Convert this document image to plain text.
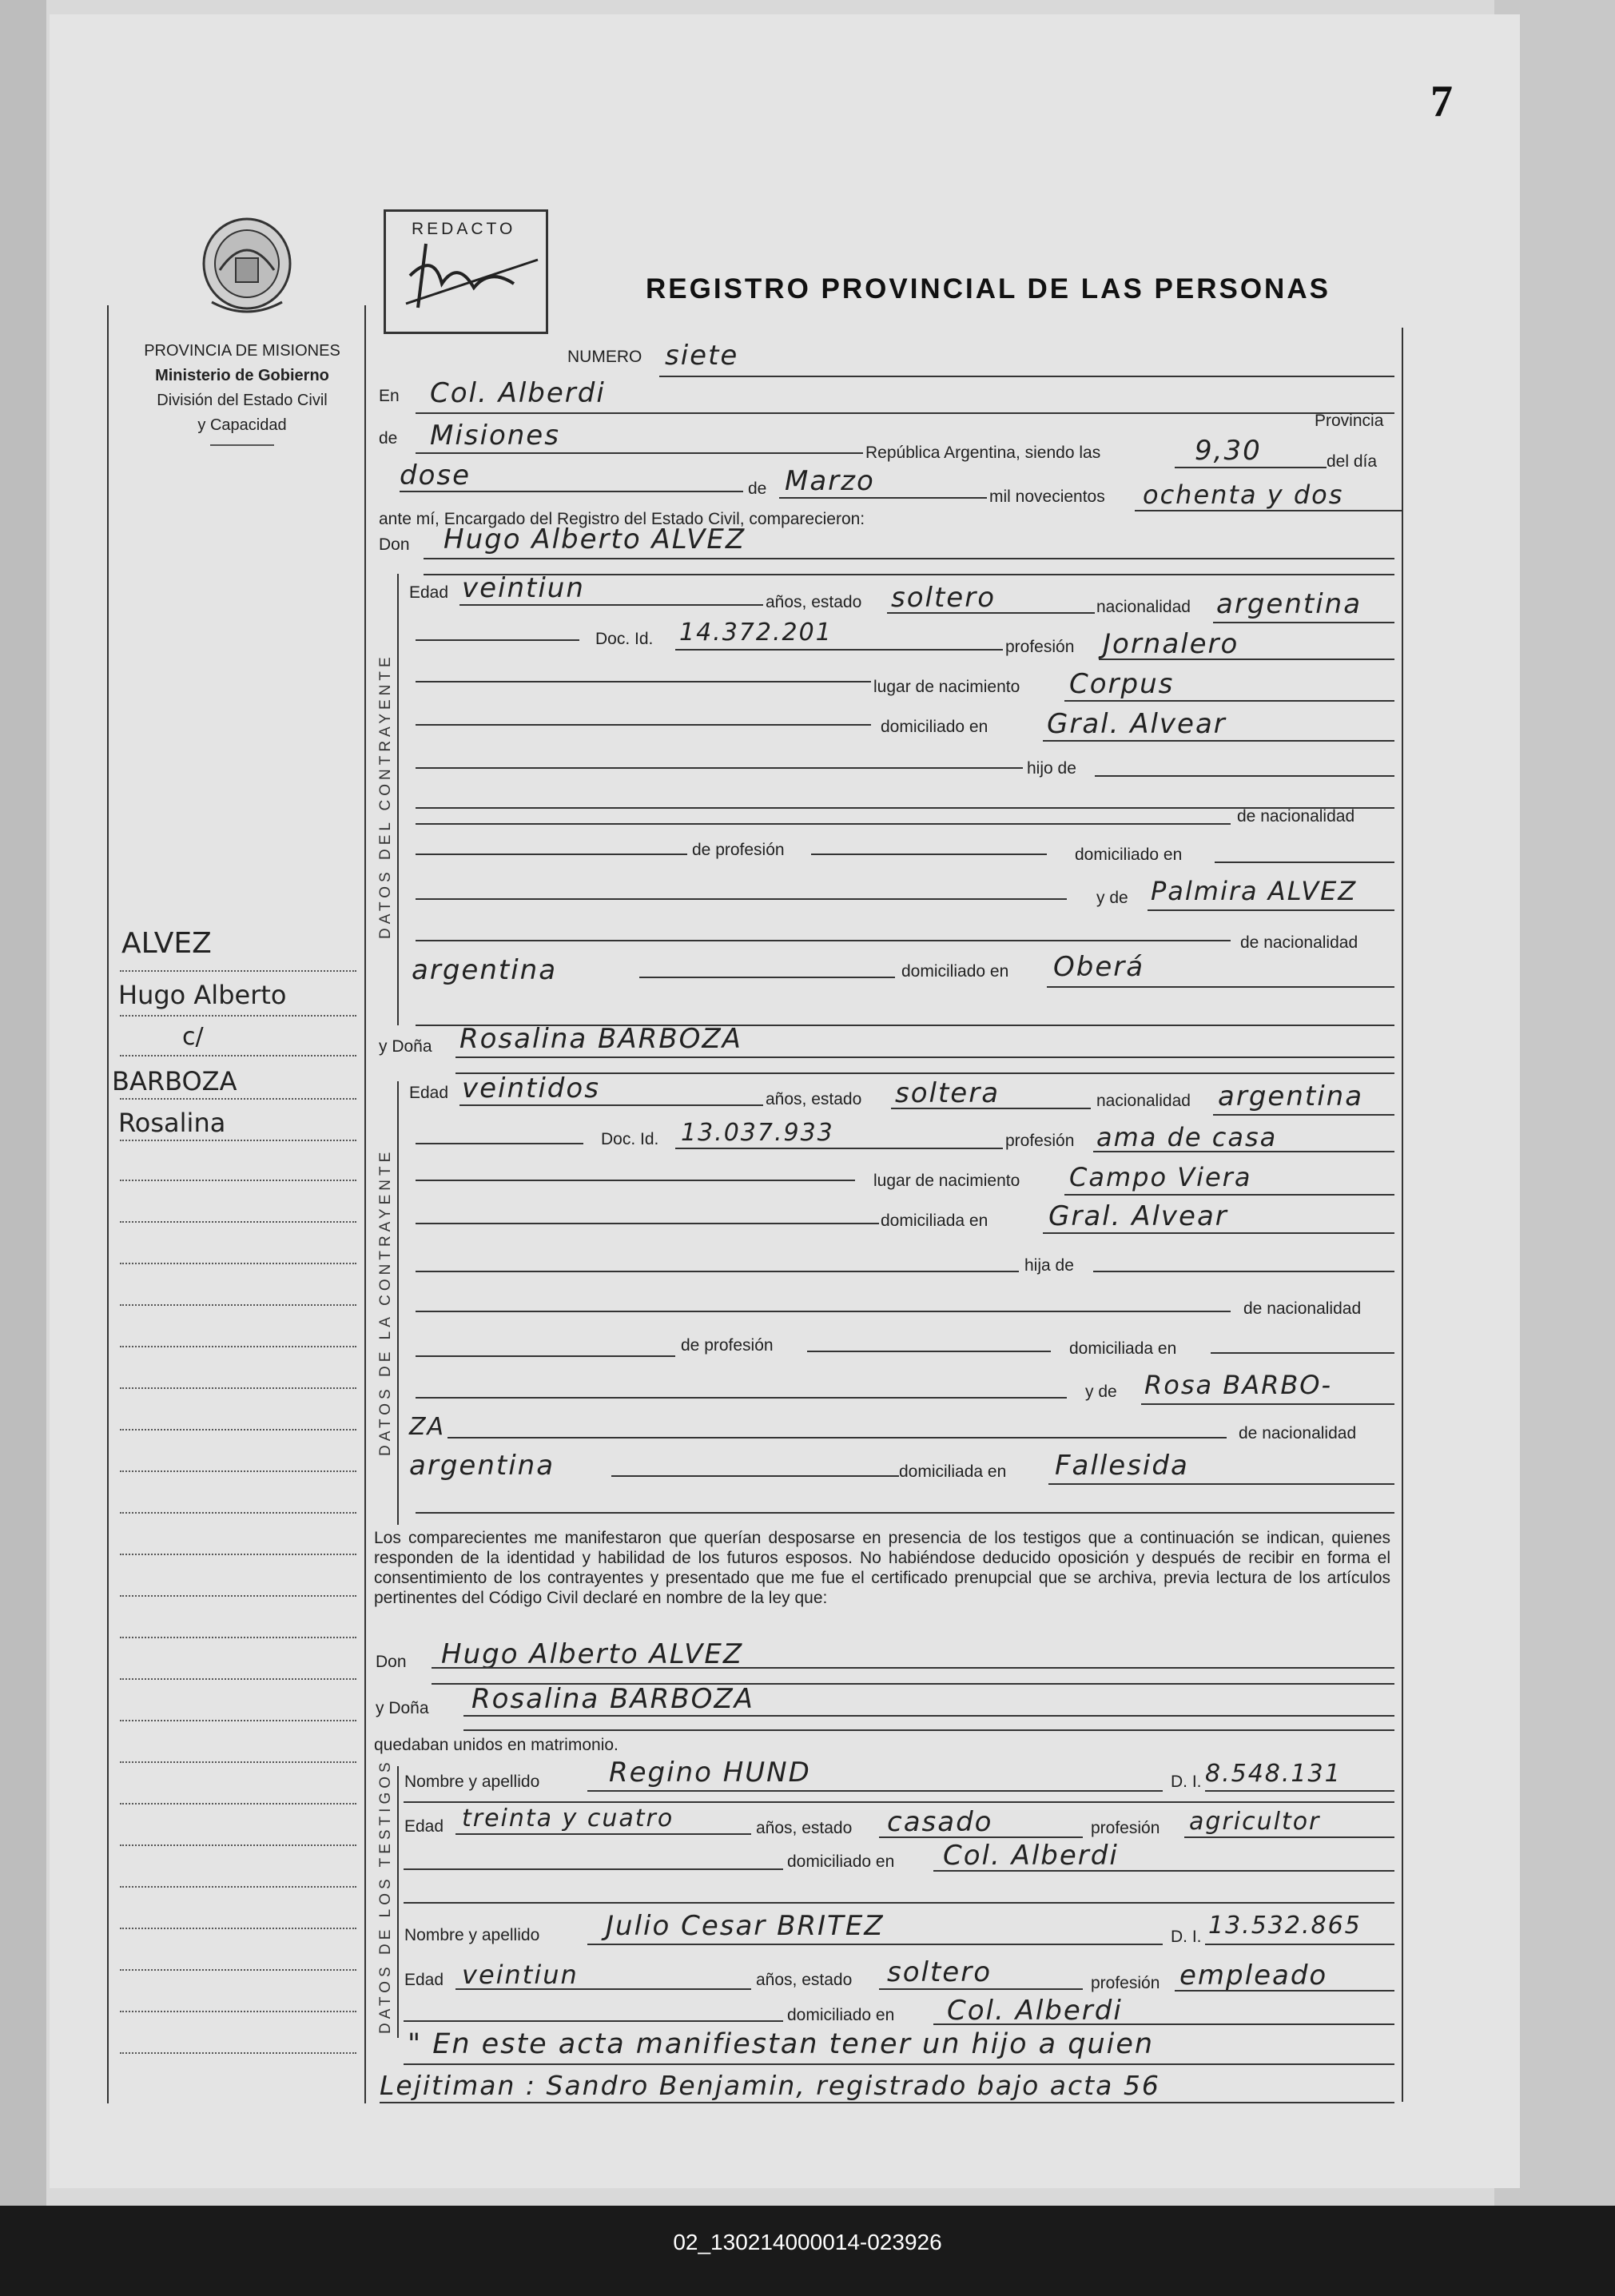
7
REDACTO
REGISTRO PROVINCIAL DE LAS PERSONAS
PROVINCIA DE MISIONES
Ministerio de Gobierno
División del Estado Civil
y Capacidad
DATOS DEL CONTRAYENTE
DATOS DE LA CONTRAYENTE
DATOS DE LOS TESTIGOS
ALVEZ
Hugo Alberto
c/
BARBOZA
Rosalina
NUMERO siete
En Col. Alberdi
Provincia
de Misiones
República Argentina, siendo las	9,30	del día
dose	de Marzo	mil novecientos ochenta y dos
ante mí, Encargado del Registro del Estado Civil, comparecieron:
Don Hugo Alberto ALVEZ
Edad veintiun	años, estado soltero	nacionalidad argentina
Doc. Id. 14.372.201
profesión Jornalero
lugar de nacimiento Corpus
domiciliado en Gral. Alvear
hijo de
de nacionalidad
de profesión	domiciliado en
y de Palmira ALVEZ
de nacionalidad
argentina	domiciliado en Oberá
y Doña Rosalina BARBOZA
Edad veintidos	años, estado soltera	nacionalidad argentina
Doc. Id. 13.037.933	profesión ama de casa
lugar de nacimiento Campo Viera
domiciliada en Gral. Alvear
hija de
de nacionalidad
de profesión	domiciliada en
y de Rosa BARBO-
ZA	de nacionalidad
argentina	domiciliada en Fallesida
Los comparecientes me manifestaron que querían desposarse en presencia de los testigos que a continuación se indican, quienes responden de la identidad y habilidad de los futuros esposos. No habiéndose deducido oposición y después de recibir en forma el consentimiento de los contrayentes y presentado que me fue el certificado prenupcial que se archiva, previa lectura de los artículos pertinentes del Código Civil declaré en nombre de la ley que:
Don Hugo Alberto ALVEZ
y Doña Rosalina BARBOZA
quedaban unidos en matrimonio.
Nombre y apellido	Regino HUND	D. I. 8.548.131
Edad treinta y cuatro	años, estado casado	profesión agricultor
domiciliado en Col. Alberdi
Nombre y apellido Julio Cesar BRITEZ	D. I. 13.532.865
Edad veintiun	años, estado soltero	profesión empleado
domiciliado en Col. Alberdi
" En este acta manifiestan tener un hijo a quien
Lejitiman : Sandro Benjamin, registrado bajo acta 56
02_130214000014-023926
